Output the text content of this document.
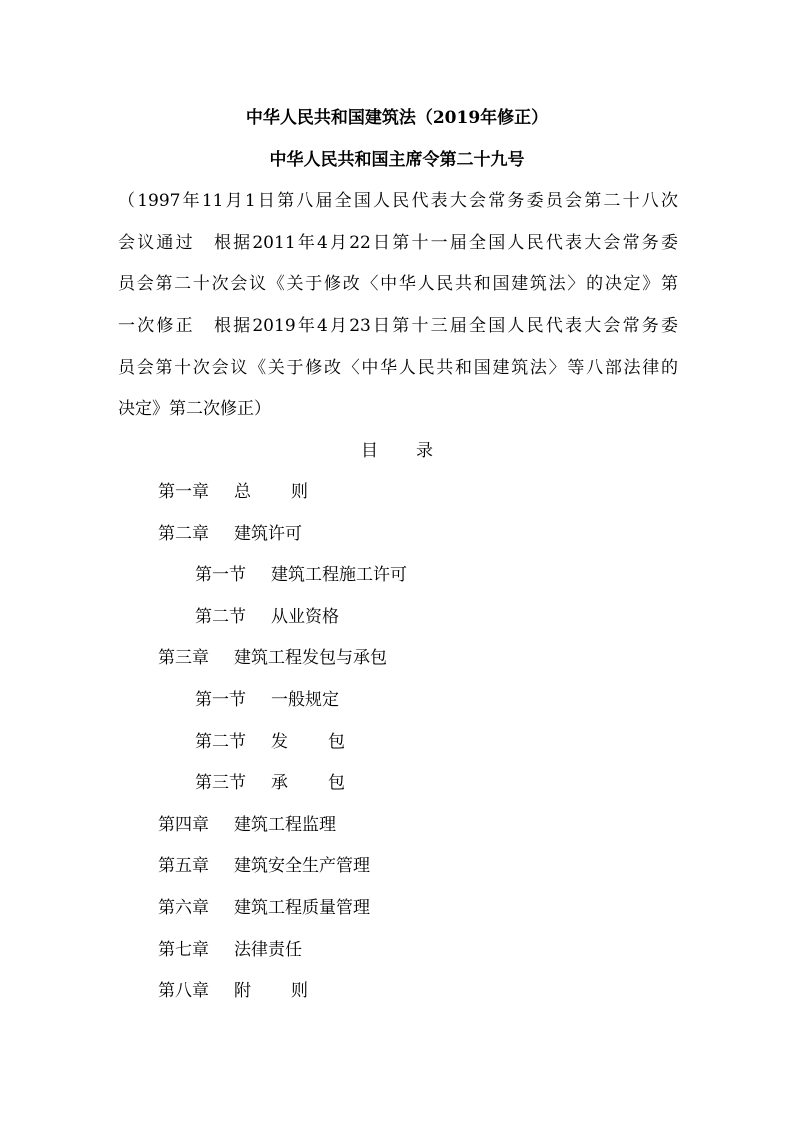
中华人民共和国建筑法（2019年修正）
中华人民共和国主席令第二十九号
（1997年11月1日第八届全国人民代表大会常务委员会第二十八次
会议通过　根据2011年4月22日第十一届全国人民代表大会常务委
员会第二十次会议《关于修改〈中华人民共和国建筑法〉的决定》第
一次修正　根据2019年4月23日第十三届全国人民代表大会常务委
员会第十次会议《关于修改〈中华人民共和国建筑法〉等八部法律的
决定》第二次修正）
目 录
第一章 总 则
第二章 建筑许可
第一节 建筑工程施工许可
第二节 从业资格
第三章 建筑工程发包与承包
第一节 一般规定
第二节 发 包
第三节 承 包
第四章 建筑工程监理
第五章 建筑安全生产管理
第六章 建筑工程质量管理
第七章 法律责任
第八章 附 则
